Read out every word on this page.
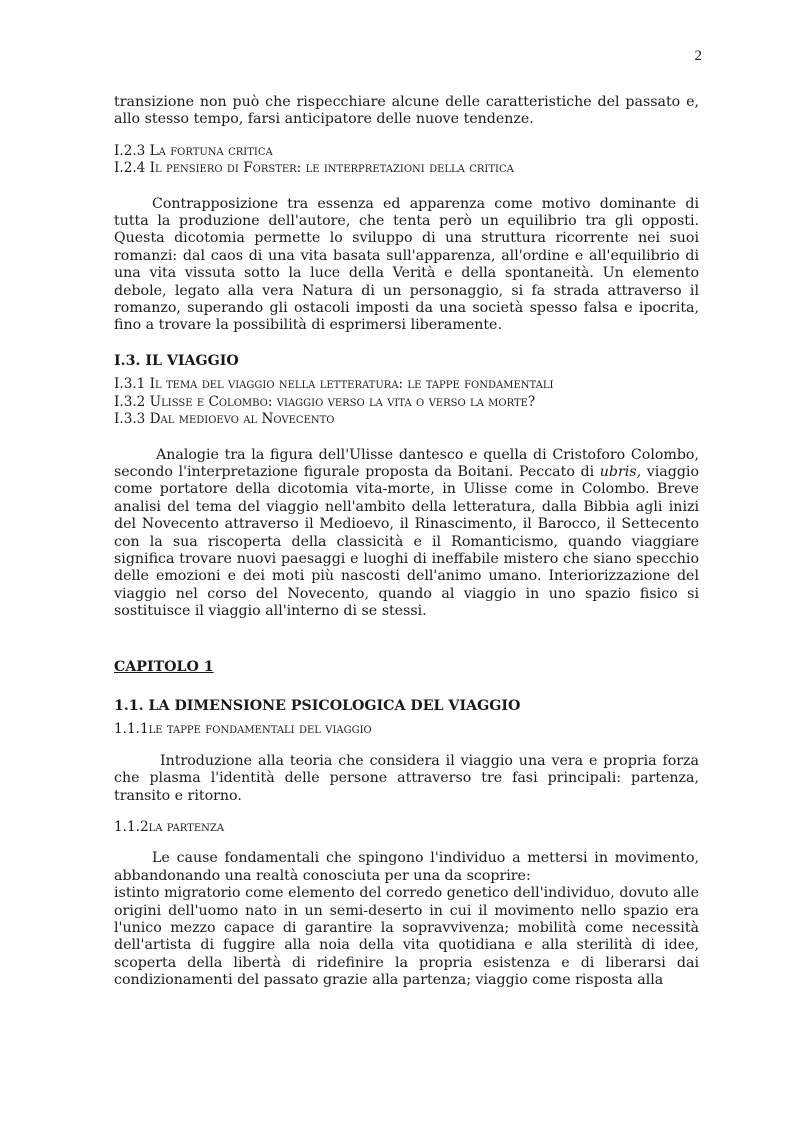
2

transizione non può che rispecchiare alcune delle caratteristiche del passato e, allo stesso tempo, farsi anticipatore delle nuove tendenze.

I.2.3 La fortuna critica

I.2.4 Il pensiero di Forster: le interpretazioni della critica

Contrapposizione tra essenza ed apparenza come motivo dominante di tutta la produzione dell'autore, che tenta però un equilibrio tra gli opposti. Questa dicotomia permette lo sviluppo di una struttura ricorrente nei suoi romanzi: dal caos di una vita basata sull'apparenza, all'ordine e all'equilibrio di una vita vissuta sotto la luce della Verità e della spontaneità. Un elemento debole, legato alla vera Natura di un personaggio, si fa strada attraverso il romanzo, superando gli ostacoli imposti da una società spesso falsa e ipocrita, fino a trovare la possibilità di esprimersi liberamente.

I.3. IL VIAGGIO

I.3.1 Il tema del viaggio nella letteratura: le tappe fondamentali

I.3.2 Ulisse e Colombo: viaggio verso la vita o verso la morte?

I.3.3 Dal medioevo al Novecento

Analogie tra la figura dell'Ulisse dantesco e quella di Cristoforo Colombo, secondo l'interpretazione figurale proposta da Boitani. Peccato di ubris, viaggio come portatore della dicotomia vita-morte, in Ulisse come in Colombo. Breve analisi del tema del viaggio nell'ambito della letteratura, dalla Bibbia agli inizi del Novecento attraverso il Medioevo, il Rinascimento, il Barocco, il Settecento con la sua riscoperta della classicità e il Romanticismo, quando viaggiare significa trovare nuovi paesaggi e luoghi di ineffabile mistero che siano specchio delle emozioni e dei moti più nascosti dell'animo umano. Interiorizzazione del viaggio nel corso del Novecento, quando al viaggio in uno spazio fisico si sostituisce il viaggio all'interno di se stessi.

CAPITOLO 1

1.1. LA DIMENSIONE PSICOLOGICA DEL VIAGGIO

1.1.1le tappe fondamentali del viaggio

Introduzione alla teoria che considera il viaggio una vera e propria forza che plasma l'identità delle persone attraverso tre fasi principali: partenza, transito e ritorno.

1.1.2la partenza

Le cause fondamentali che spingono l'individuo a mettersi in movimento, abbandonando una realtà conosciuta per una da scoprire:

istinto migratorio come elemento del corredo genetico dell'individuo, dovuto alle origini dell'uomo nato in un semi-deserto in cui il movimento nello spazio era l'unico mezzo capace di garantire la sopravvivenza; mobilità come necessità dell'artista di fuggire alla noia della vita quotidiana e alla sterilità di idee, scoperta della libertà di ridefinire la propria esistenza e di liberarsi dai condizionamenti del passato grazie alla partenza; viaggio come risposta alla
